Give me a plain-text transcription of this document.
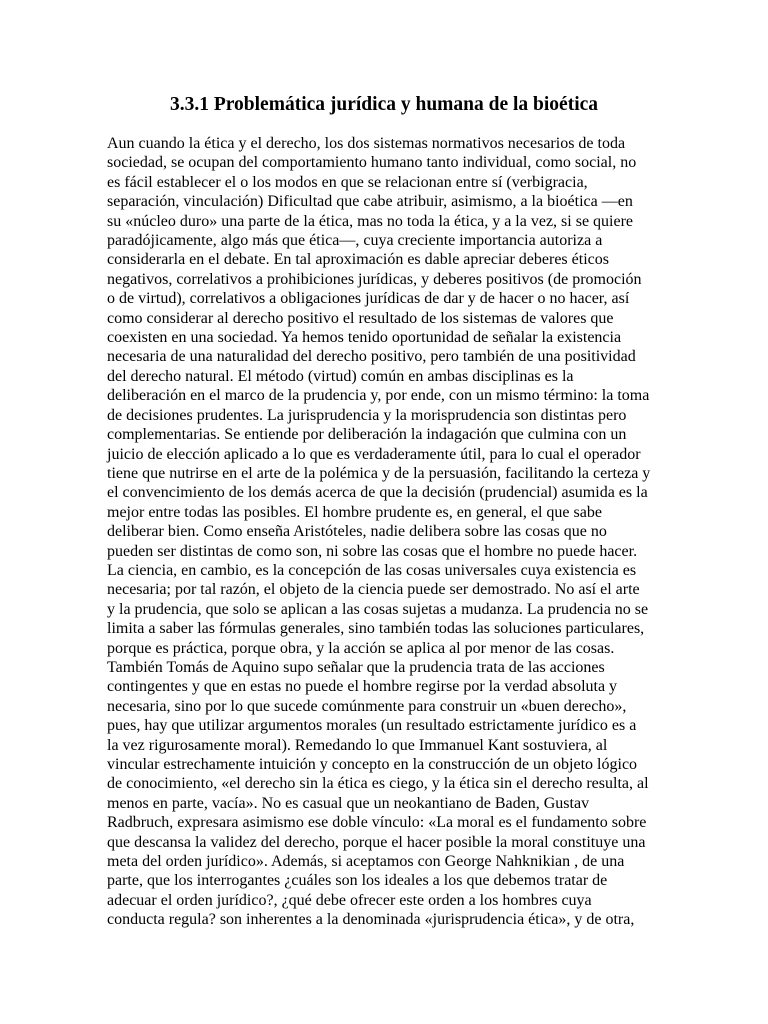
3.3.1 Problemática jurídica y humana de la bioética
Aun cuando la ética y el derecho, los dos sistemas normativos necesarios de toda
sociedad, se ocupan del comportamiento humano tanto individual, como social, no
es fácil establecer el o los modos en que se relacionan entre sí (verbigracia,
separación, vinculación) Dificultad que cabe atribuir, asimismo, a la bioética —en
su «núcleo duro» una parte de la ética, mas no toda la ética, y a la vez, si se quiere
paradójicamente, algo más que ética—, cuya creciente importancia autoriza a
considerarla en el debate. En tal aproximación es dable apreciar deberes éticos
negativos, correlativos a prohibiciones jurídicas, y deberes positivos (de promoción
o de virtud), correlativos a obligaciones jurídicas de dar y de hacer o no hacer, así
como considerar al derecho positivo el resultado de los sistemas de valores que
coexisten en una sociedad. Ya hemos tenido oportunidad de señalar la existencia
necesaria de una naturalidad del derecho positivo, pero también de una positividad
del derecho natural. El método (virtud) común en ambas disciplinas es la
deliberación en el marco de la prudencia y, por ende, con un mismo término: la toma
de decisiones prudentes. La jurisprudencia y la morisprudencia son distintas pero
complementarias. Se entiende por deliberación la indagación que culmina con un
juicio de elección aplicado a lo que es verdaderamente útil, para lo cual el operador
tiene que nutrirse en el arte de la polémica y de la persuasión, facilitando la certeza y
el convencimiento de los demás acerca de que la decisión (prudencial) asumida es la
mejor entre todas las posibles. El hombre prudente es, en general, el que sabe
deliberar bien. Como enseña Aristóteles, nadie delibera sobre las cosas que no
pueden ser distintas de como son, ni sobre las cosas que el hombre no puede hacer.
La ciencia, en cambio, es la concepción de las cosas universales cuya existencia es
necesaria; por tal razón, el objeto de la ciencia puede ser demostrado. No así el arte
y la prudencia, que solo se aplican a las cosas sujetas a mudanza. La prudencia no se
limita a saber las fórmulas generales, sino también todas las soluciones particulares,
porque es práctica, porque obra, y la acción se aplica al por menor de las cosas.
También Tomás de Aquino supo señalar que la prudencia trata de las acciones
contingentes y que en estas no puede el hombre regirse por la verdad absoluta y
necesaria, sino por lo que sucede comúnmente para construir un «buen derecho»,
pues, hay que utilizar argumentos morales (un resultado estrictamente jurídico es a
la vez rigurosamente moral). Remedando lo que Immanuel Kant sostuviera, al
vincular estrechamente intuición y concepto en la construcción de un objeto lógico
de conocimiento, «el derecho sin la ética es ciego, y la ética sin el derecho resulta, al
menos en parte, vacía». No es casual que un neokantiano de Baden, Gustav
Radbruch, expresara asimismo ese doble vínculo: «La moral es el fundamento sobre
que descansa la validez del derecho, porque el hacer posible la moral constituye una
meta del orden jurídico». Además, si aceptamos con George Nahknikian , de una
parte, que los interrogantes ¿cuáles son los ideales a los que debemos tratar de
adecuar el orden jurídico?, ¿qué debe ofrecer este orden a los hombres cuya
conducta regula? son inherentes a la denominada «jurisprudencia ética», y de otra,
